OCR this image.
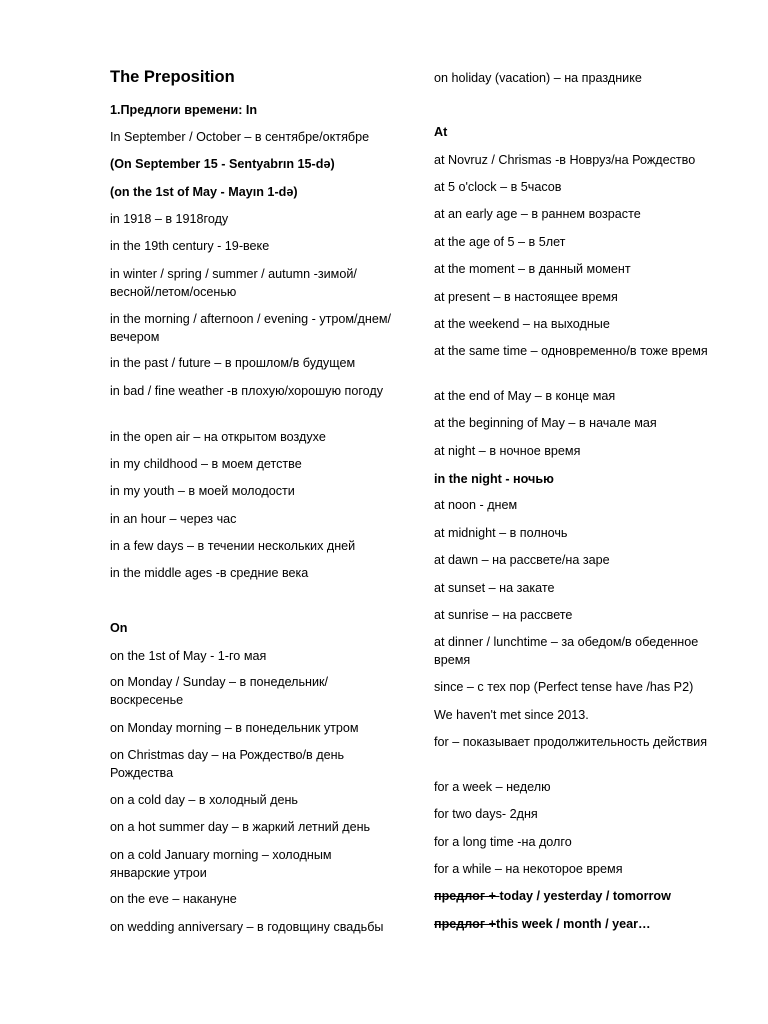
The Preposition

1.Предлоги времени: In

In September / October – в сентябре/октябре

(On September 15 - Sentyabrın 15-də)

(on the 1st of May - Mayın 1-də)

in 1918 – в 1918году

in the 19th century - 19-веке

in winter / spring / summer / autumn -зимой/весной/летом/осенью

in the morning / afternoon / evening - утром/днем/вечером

in the past / future – в прошлом/в будущем

in bad / fine weather -в плохую/хорошую погоду

in the open air – на открытом воздухе

in my childhood – в моем детстве

in my youth – в моей молодости

in an hour – через час

in a few days – в течении нескольких дней

in the middle ages -в средние века

On

on the 1st of May - 1-го мая

on Monday / Sunday – в понедельник/воскресенье

on Monday morning – в понедельник утром

on Christmas day – на Рождество/в день Рождества

on a cold day – в холодный день

on a hot summer day – в жаркий летний день

on a cold January morning – холодным январские утрои

on the eve – накануне

on wedding anniversary – в годовщину свадьбы

on holiday (vacation) – на празднике

At

at Novruz / Chrismas -в Новруз/на Рождество

at 5 o'clock – в 5часов

at an early age – в раннем возрасте

at the age of 5 – в 5лет

at the moment – в данный момент

at present – в настоящее время

at the weekend – на выходные

at the same time – одновременно/в тоже время

at the end of May – в конце мая

at the beginning of May – в начале мая

at night – в ночное время

in the night - ночью

at noon - днем

at midnight – в полночь

at dawn – на рассвете/на заре

at sunset – на закате

at sunrise – на рассвете

at dinner / lunchtime – за обедом/в обеденное время

since – с тех пор (Perfect tense have /has P2)

We haven't met since 2013.

for – показывает продолжительность действия

for a week – неделю

for two days- 2дня

for a long time -на долго

for a while – на некоторое время

предлог + today / yesterday / tomorrow

предлог +this week / month / year…
